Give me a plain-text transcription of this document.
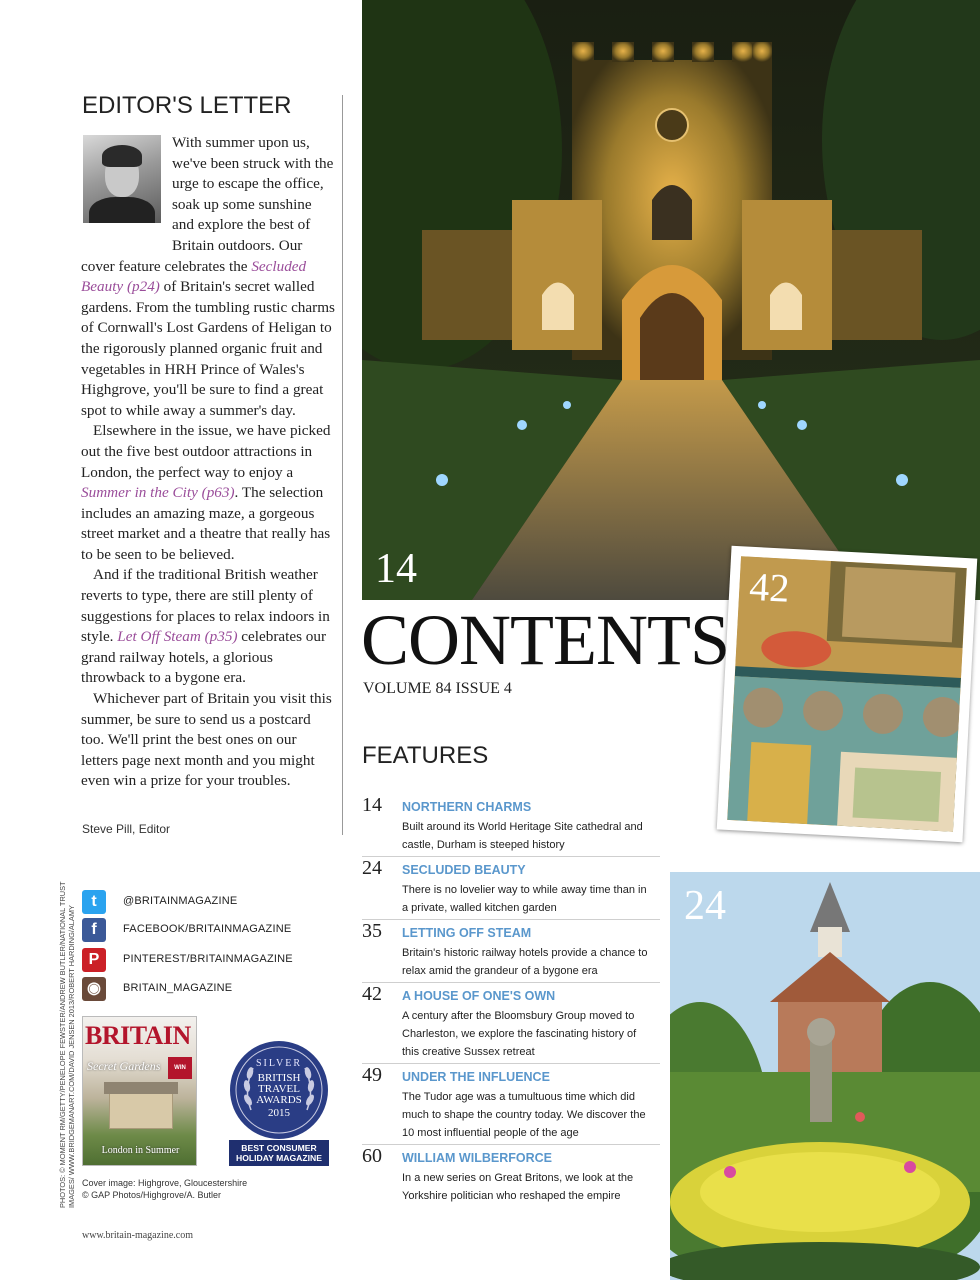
EDITOR'S LETTER

With summer upon us, we've been struck with the urge to escape the office, soak up some sunshine and explore the best of Britain outdoors. Our cover feature celebrates the Secluded Beauty (p24) of Britain's secret walled gardens. From the tumbling rustic charms of Cornwall's Lost Gardens of Heligan to the rigorously planned organic fruit and vegetables in HRH Prince of Wales's Highgrove, you'll be sure to find a great spot to while away a summer's day.

Elsewhere in the issue, we have picked out the five best outdoor attractions in London, the perfect way to enjoy a Summer in the City (p63). The selection includes an amazing maze, a gorgeous street market and a theatre that really has to be seen to be believed.

And if the traditional British weather reverts to type, there are still plenty of suggestions for places to relax indoors in style. Let Off Steam (p35) celebrates our grand railway hotels, a glorious throwback to a bygone era.

Whichever part of Britain you visit this summer, be sure to send us a postcard too. We'll print the best ones on our letters page next month and you might even win a prize for your troubles.

Steve Pill, Editor
t	@BRITAINMAGAZINE
f	FACEBOOK/BRITAINMAGAZINE
P	PINTEREST/BRITAINMAGAZINE
◉	BRITAIN_MAGAZINE
PHOTOS: © MOMENT RM/GETTY/PENELOPE FEWSTER/ANDREW BUTLER/NATIONAL TRUST IMAGES/ WWW.BRIDGEMANART.COM/DAVID JENSEN 2013/ROBERT HARDING/ALAMY BRITAIN
Secret Gardens	WIN
London in Summer
Cover image: Highgrove, Gloucestershire
© GAP Photos/Highgrove/A. Butler
SILVER
BRITISH
TRAVEL
AWARDS
2015
BEST CONSUMER
HOLIDAY MAGAZINE
www.britain-magazine.com
14	42
CONTENTS
VOLUME 84 ISSUE 4
24
FEATURES
14 NORTHERN CHARMS
Built around its World Heritage Site cathedral and castle, Durham is steeped history
24 SECLUDED BEAUTY
There is no lovelier way to while away time than in a private, walled kitchen garden
35 LETTING OFF STEAM
Britain's historic railway hotels provide a chance to relax amid the grandeur of a bygone era
42 A HOUSE OF ONE'S OWN
A century after the Bloomsbury Group moved to Charleston, we explore the fascinating history of this creative Sussex retreat
49 UNDER THE INFLUENCE
The Tudor age was a tumultuous time which did much to shape the country today. We discover the 10 most influential people of the age
60 WILLIAM WILBERFORCE
In a new series on Great Britons, we look at the Yorkshire politician who reshaped the empire
